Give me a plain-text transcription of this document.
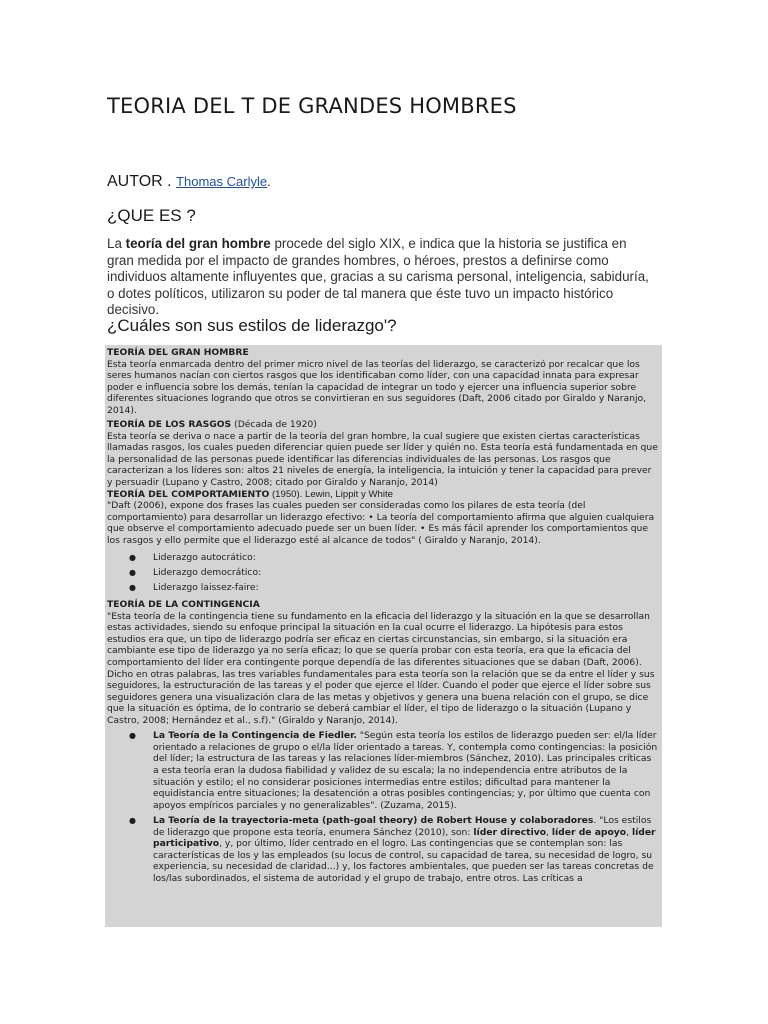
TEORIA DEL T DE GRANDES HOMBRES

AUTOR . Thomas Carlyle.

¿QUE ES ?

La teoría del gran hombre procede del siglo XIX, e indica que la historia se justifica en gran medida por el impacto de grandes hombres, o héroes, prestos a definirse como individuos altamente influyentes que, gracias a su carisma personal, inteligencia, sabiduría, o dotes políticos, utilizaron su poder de tal manera que éste tuvo un impacto histórico decisivo.

¿Cuáles son sus estilos de liderazgo'?

TEORÍA DEL GRAN HOMBRE

Esta teoría enmarcada dentro del primer micro nivel de las teorías del liderazgo, se caracterizó por recalcar que los seres humanos nacían con ciertos rasgos que los identificaban como líder, con una capacidad innata para expresar poder e influencia sobre los demás, tenían la capacidad de integrar un todo y ejercer una influencia superior sobre diferentes situaciones logrando que otros se convirtieran en sus seguidores (Daft, 2006 citado por Giraldo y Naranjo, 2014).

TEORÍA DE LOS RASGOS (Década de 1920)

Esta teoría se deriva o nace a partir de la teoría del gran hombre, la cual sugiere que existen ciertas características llamadas rasgos, los cuales pueden diferenciar quien puede ser líder y quién no. Esta teoría está fundamentada en que la personalidad de las personas puede identificar las diferencias individuales de las personas. Los rasgos que caracterizan a los líderes son: altos 21 niveles de energía, la inteligencia, la intuición y tener la capacidad para prever y persuadir (Lupano y Castro, 2008; citado por Giraldo y Naranjo, 2014)

TEORÍA DEL COMPORTAMIENTO (1950). Lewin, Lippit y White

"Daft (2006), expone dos frases las cuales pueden ser consideradas como los pilares de esta teoría (del comportamiento) para desarrollar un liderazgo efectivo: • La teoría del comportamiento afirma que alguien cualquiera que observe el comportamiento adecuado puede ser un buen líder. • Es más fácil aprender los comportamientos que los rasgos y ello permite que el liderazgo esté al alcance de todos" ( Giraldo y Naranjo, 2014).

● Liderazgo autocrático:
● Liderazgo democrático:
● Liderazgo laissez-faire:

TEORÍA DE LA CONTINGENCIA

"Esta teoría de la contingencia tiene su fundamento en la eficacia del liderazgo y la situación en la que se desarrollan estas actividades, siendo su enfoque principal la situación en la cual ocurre el liderazgo. La hipótesis para estos estudios era que, un tipo de liderazgo podría ser eficaz en ciertas circunstancias, sin embargo, si la situación era cambiante ese tipo de liderazgo ya no sería eficaz; lo que se quería probar con esta teoría, era que la eficacia del comportamiento del líder era contingente porque dependía de las diferentes situaciones que se daban (Daft, 2006). Dicho en otras palabras, las tres variables fundamentales para esta teoría son la relación que se da entre el líder y sus seguidores, la estructuración de las tareas y el poder que ejerce el líder. Cuando el poder que ejerce el líder sobre sus seguidores genera una visualización clara de las metas y objetivos y genera una buena relación con el grupo, se dice que la situación es óptima, de lo contrario se deberá cambiar el líder, el tipo de liderazgo o la situación (Lupano y Castro, 2008; Hernández et al., s.f)." (Giraldo y Naranjo, 2014).

● La Teoría de la Contingencia de Fiedler. "Según esta teoría los estilos de liderazgo pueden ser: el/la líder orientado a relaciones de grupo o el/la líder orientado a tareas. Y, contempla como contingencias: la posición del líder; la estructura de las tareas y las relaciones líder-miembros (Sánchez, 2010). Las principales críticas a esta teoría eran la dudosa fiabilidad y validez de su escala; la no independencia entre atributos de la situación y estilo; el no considerar posiciones intermedias entre estilos; dificultad para mantener la equidistancia entre situaciones; la desatención a otras posibles contingencias; y, por último que cuenta con apoyos empíricos parciales y no generalizables". (Zuzama, 2015).
● La Teoría de la trayectoria-meta (path-goal theory) de Robert House y colaboradores. "Los estilos de liderazgo que propone esta teoría, enumera Sánchez (2010), son: líder directivo, líder de apoyo, líder participativo, y, por último, líder centrado en el logro. Las contingencias que se contemplan son: las características de los y las empleados (su locus de control, su capacidad de tarea, su necesidad de logro, su experiencia, su necesidad de claridad...) y, los factores ambientales, que pueden ser las tareas concretas de los/las subordinados, el sistema de autoridad y el grupo de trabajo, entre otros. Las críticas a
